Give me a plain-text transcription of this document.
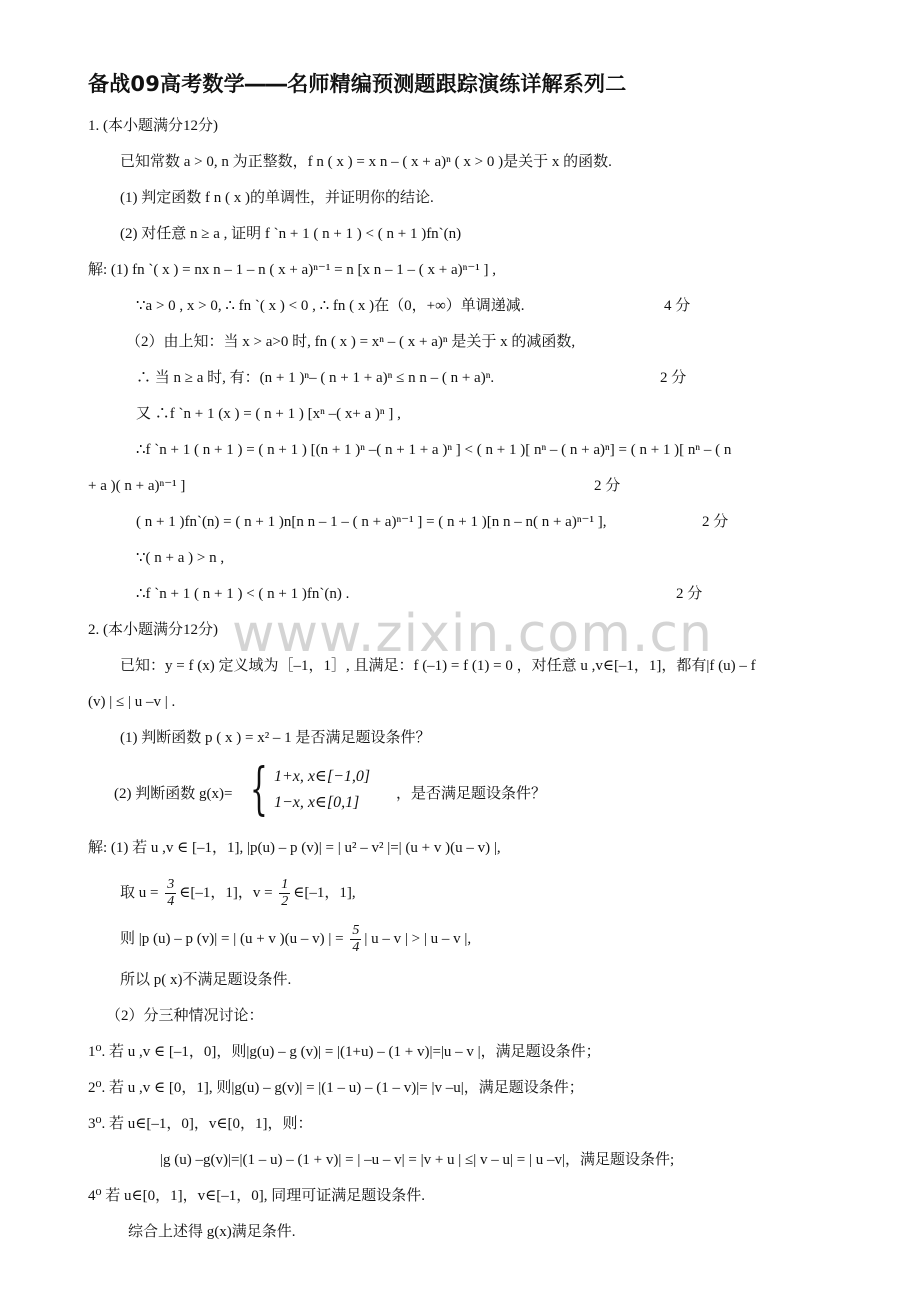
www.zixin.com.cn
备战09高考数学――名师精编预测题跟踪演练详解系列二
1. (本小题满分12分)
已知常数 a > 0, n 为正整数，f n ( x ) = x n – ( x + a)ⁿ ( x > 0 )是关于 x 的函数.
(1) 判定函数 f n ( x )的单调性，并证明你的结论.
(2) 对任意 n ≥ a , 证明 f `n + 1 ( n + 1 ) < ( n + 1 )fn`(n)
解: (1) fn `( x ) = nx n – 1 – n ( x + a)ⁿ⁻¹ = n [x n – 1 – ( x + a)ⁿ⁻¹ ] ,
∵a > 0 , x > 0, ∴ fn `( x ) < 0 , ∴ fn ( x )在（0，+∞）单调递减.	4 分
（2）由上知：当 x > a>0 时, fn ( x ) = xⁿ – ( x + a)ⁿ 是关于 x 的减函数,
∴ 当 n ≥ a 时, 有：(n + 1 )ⁿ– ( n + 1 + a)ⁿ ≤ n n – ( n + a)ⁿ.	2 分
又 ∴f `n + 1 (x ) = ( n + 1 ) [xⁿ –( x+ a )ⁿ ] ,
∴f `n + 1 ( n + 1 ) = ( n + 1 ) [(n + 1 )ⁿ –( n + 1 + a )ⁿ ] < ( n + 1 )[ nⁿ – ( n + a)ⁿ] = ( n + 1 )[ nⁿ – ( n
+ a )( n + a)ⁿ⁻¹ ]	2 分
( n + 1 )fn`(n) = ( n + 1 )n[n n – 1 – ( n + a)ⁿ⁻¹ ] = ( n + 1 )[n n – n( n + a)ⁿ⁻¹ ],	2 分
∵( n + a ) > n ,
∴f `n + 1 ( n + 1 ) < ( n + 1 )fn`(n) .	2 分
2. (本小题满分12分)
已知：y = f (x) 定义域为［–1，1］, 且满足：f (–1) = f (1) = 0 ，对任意 u ,v∈[–1，1]，都有|f (u) – f
(v) | ≤ | u –v | .
(1) 判断函数 p ( x ) = x² – 1 是否满足题设条件？
(2) 判断函数 g(x)= { 1+x, x∈[−1,0]
1−x, x∈[0,1] ，是否满足题设条件？
解: (1) 若 u ,v ∈ [–1，1], |p(u) – p (v)| = | u² – v² |=| (u + v )(u – v) |,
取 $u = \frac{3}{4}$ ∈[–1，1]，$v = \frac{1}{2}$ ∈[–1，1],
则 |p (u) – p (v)| = | (u + v )(u – v) | = $\frac{5}{4}$ | u – v | > | u – v |,
所以 p( x)不满足题设条件.
（2）分三种情况讨论：
1⁰. 若 u ,v ∈ [–1，0]，则|g(u) – g (v)| = |(1+u) – (1 + v)|=|u – v |，满足题设条件；
2⁰. 若 u ,v ∈ [0，1], 则|g(u) – g(v)| = |(1 – u) – (1 – v)|= |v –u|，满足题设条件；
3⁰. 若 u∈[–1，0]，v∈[0，1]，则：
|g (u) –g(v)|=|(1 – u) – (1 + v)| = | –u – v| = |v + u | ≤| v – u| = | u –v|，满足题设条件;
4⁰ 若 u∈[0，1]，v∈[–1，0], 同理可证满足题设条件.
综合上述得 g(x)满足条件.
